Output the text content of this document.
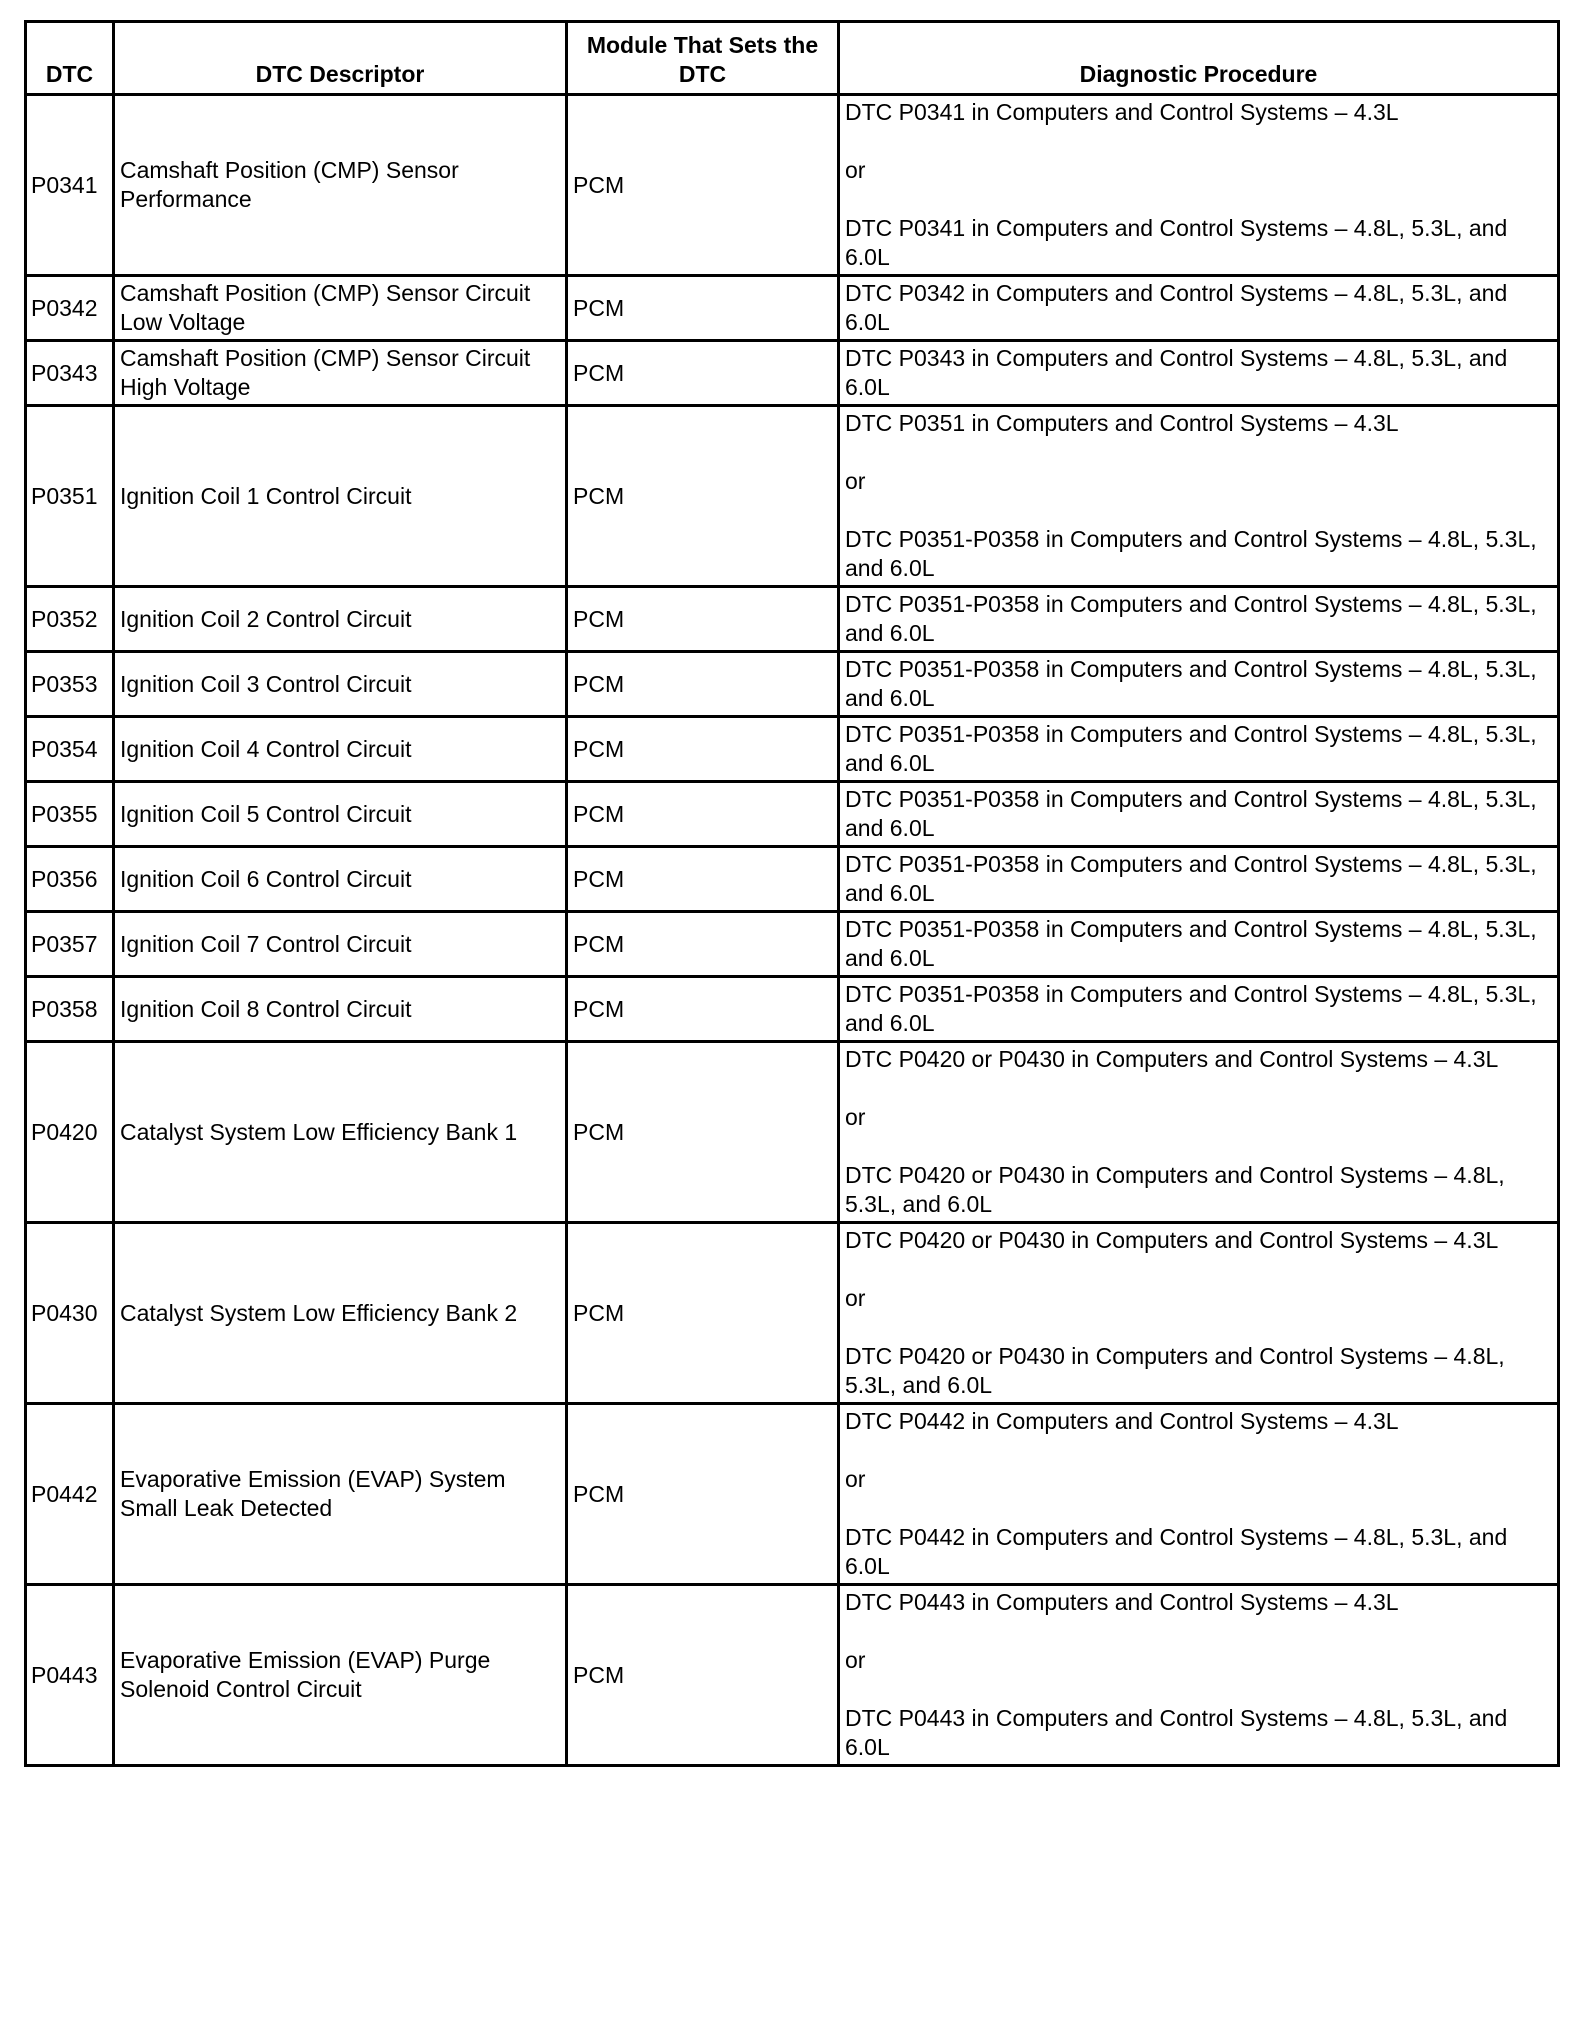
DTC	DTC Descriptor	Module That Sets the DTC	Diagnostic Procedure
P0341	Camshaft Position (CMP) Sensor Performance	PCM	DTC P0341 in Computers and Control Systems – 4.3L
or
DTC P0341 in Computers and Control Systems – 4.8L, 5.3L, and 6.0L

P0342	Camshaft Position (CMP) Sensor Circuit Low Voltage	PCM	DTC P0342 in Computers and Control Systems – 4.8L, 5.3L, and 6.0L

P0343	Camshaft Position (CMP) Sensor Circuit High Voltage	PCM	DTC P0343 in Computers and Control Systems – 4.8L, 5.3L, and 6.0L

P0351	Ignition Coil 1 Control Circuit	PCM	DTC P0351 in Computers and Control Systems – 4.3L
or
DTC P0351-P0358 in Computers and Control Systems – 4.8L, 5.3L, and 6.0L

P0352	Ignition Coil 2 Control Circuit	PCM	DTC P0351-P0358 in Computers and Control Systems – 4.8L, 5.3L, and 6.0L

P0353	Ignition Coil 3 Control Circuit	PCM	DTC P0351-P0358 in Computers and Control Systems – 4.8L, 5.3L, and 6.0L

P0354	Ignition Coil 4 Control Circuit	PCM	DTC P0351-P0358 in Computers and Control Systems – 4.8L, 5.3L, and 6.0L

P0355	Ignition Coil 5 Control Circuit	PCM	DTC P0351-P0358 in Computers and Control Systems – 4.8L, 5.3L, and 6.0L

P0356	Ignition Coil 6 Control Circuit	PCM	DTC P0351-P0358 in Computers and Control Systems – 4.8L, 5.3L, and 6.0L

P0357	Ignition Coil 7 Control Circuit	PCM	DTC P0351-P0358 in Computers and Control Systems – 4.8L, 5.3L, and 6.0L

P0358	Ignition Coil 8 Control Circuit	PCM	DTC P0351-P0358 in Computers and Control Systems – 4.8L, 5.3L, and 6.0L

P0420	Catalyst System Low Efficiency Bank 1	PCM	DTC P0420 or P0430 in Computers and Control Systems – 4.3L
or
DTC P0420 or P0430 in Computers and Control Systems – 4.8L, 5.3L, and 6.0L

P0430	Catalyst System Low Efficiency Bank 2	PCM	DTC P0420 or P0430 in Computers and Control Systems – 4.3L
or
DTC P0420 or P0430 in Computers and Control Systems – 4.8L, 5.3L, and 6.0L

P0442	Evaporative Emission (EVAP) System Small Leak Detected	PCM	DTC P0442 in Computers and Control Systems – 4.3L
or
DTC P0442 in Computers and Control Systems – 4.8L, 5.3L, and 6.0L

P0443	Evaporative Emission (EVAP) Purge Solenoid Control Circuit	PCM	DTC P0443 in Computers and Control Systems – 4.3L
or
DTC P0443 in Computers and Control Systems – 4.8L, 5.3L, and 6.0L
